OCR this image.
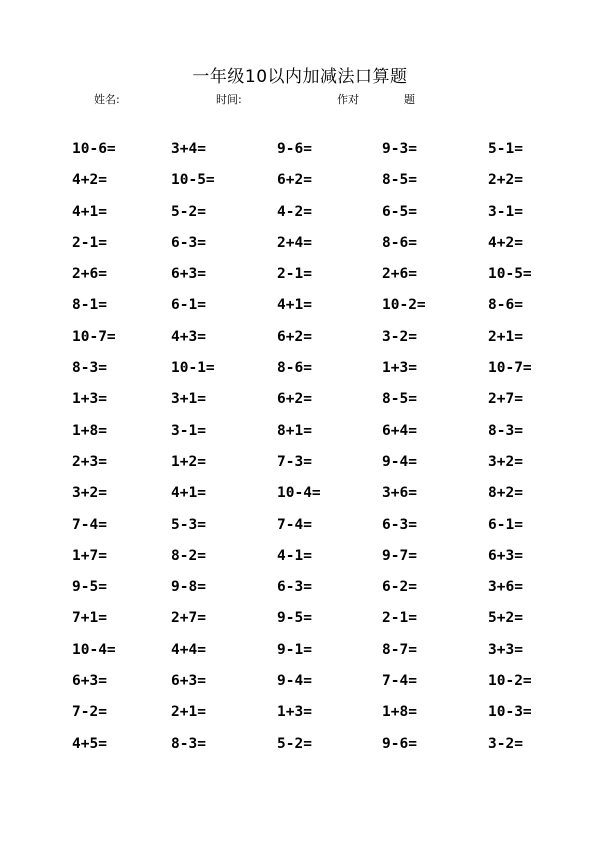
一年级10以内加减法口算题
姓名:	时间:	作对	题
10-6=	3+4=	9-6=	9-3=	5-1=
4+2=	10-5=	6+2=	8-5=	2+2=
4+1=	5-2=	4-2=	6-5=	3-1=
2-1=	6-3=	2+4=	8-6=	4+2=
2+6=	6+3=	2-1=	2+6=	10-5=
8-1=	6-1=	4+1=	10-2=	8-6=
10-7=	4+3=	6+2=	3-2=	2+1=
8-3=	10-1=	8-6=	1+3=	10-7=
1+3=	3+1=	6+2=	8-5=	2+7=
1+8=	3-1=	8+1=	6+4=	8-3=
2+3=	1+2=	7-3=	9-4=	3+2=
3+2=	4+1=	10-4=	3+6=	8+2=
7-4=	5-3=	7-4=	6-3=	6-1=
1+7=	8-2=	4-1=	9-7=	6+3=
9-5=	9-8=	6-3=	6-2=	3+6=
7+1=	2+7=	9-5=	2-1=	5+2=
10-4=	4+4=	9-1=	8-7=	3+3=
6+3=	6+3=	9-4=	7-4=	10-2=
7-2=	2+1=	1+3=	1+8=	10-3=
4+5=	8-3=	5-2=	9-6=	3-2=
